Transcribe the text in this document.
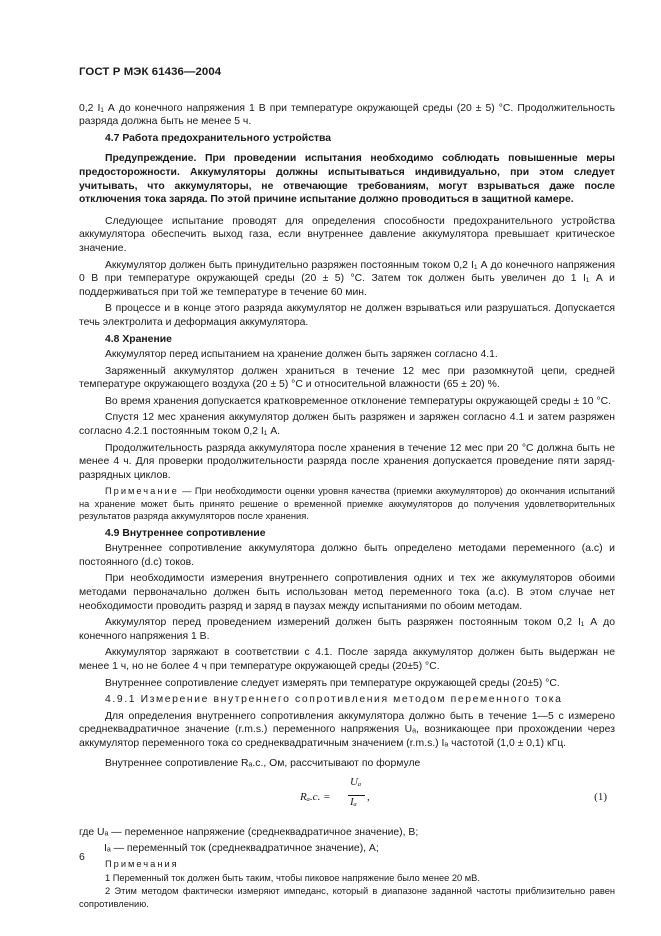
ГОСТ Р МЭК 61436—2004

0,2 I₁ А до конечного напряжения 1 В при температуре окружающей среды (20 ± 5) °С. Продолжительность разряда должна быть не менее 5 ч.

4.7 Работа предохранительного устройства

Предупреждение. При проведении испытания необходимо соблюдать повышенные меры предосторожности. Аккумуляторы должны испытываться индивидуально, при этом следует учитывать, что аккумуляторы, не отвечающие требованиям, могут взрываться даже после отключения тока заряда. По этой причине испытание должно проводиться в защитной камере.

Следующее испытание проводят для определения способности предохранительного устройства аккумулятора обеспечить выход газа, если внутреннее давление аккумулятора превышает критическое значение.

Аккумулятор должен быть принудительно разряжен постоянным током 0,2 I₁ А до конечного напряжения 0 В при температуре окружающей среды (20 ± 5) °С. Затем ток должен быть увеличен до 1 I₁ А и поддерживаться при той же температуре в течение 60 мин.

В процессе и в конце этого разряда аккумулятор не должен взрываться или разрушаться. Допускается течь электролита и деформация аккумулятора.

4.8 Хранение

Аккумулятор перед испытанием на хранение должен быть заряжен согласно 4.1.

Заряженный аккумулятор должен храниться в течение 12 мес при разомкнутой цепи, средней температуре окружающего воздуха (20 ± 5) °С и относительной влажности (65 ± 20) %.

Во время хранения допускается кратковременное отклонение температуры окружающей среды ± 10 °С.

Спустя 12 мес хранения аккумулятор должен быть разряжен и заряжен согласно 4.1 и затем разряжен согласно 4.2.1 постоянным током 0,2 I₁ А.

Продолжительность разряда аккумулятора после хранения в течение 12 мес при 20 °С должна быть не менее 4 ч. Для проверки продолжительности разряда после хранения допускается проведение пяти заряд-разрядных циклов.

Примечание — При необходимости оценки уровня качества (приемки аккумуляторов) до окончания испытаний на хранение может быть принято решение о временной приемке аккумуляторов до получения удовлетворительных результатов разряда аккумуляторов после хранения.

4.9 Внутреннее сопротивление

Внутреннее сопротивление аккумулятора должно быть определено методами переменного (а.с) и постоянного (d.c) токов.

При необходимости измерения внутреннего сопротивления одних и тех же аккумуляторов обоими методами первоначально должен быть использован метод переменного тока (а.с). В этом случае нет необходимости проводить разряд и заряд в паузах между испытаниями по обоим методам.

Аккумулятор перед проведением измерений должен быть разряжен постоянным током 0,2 I₁ А до конечного напряжения 1 В.

Аккумулятор заряжают в соответствии с 4.1. После заряда аккумулятор должен быть выдержан не менее 1 ч, но не более 4 ч при температуре окружающей среды (20±5) °С.

Внутреннее сопротивление следует измерять при температуре окружающей среды (20±5) °С.

4.9.1 Измерение внутреннего сопротивления методом переменного тока

Для определения внутреннего сопротивления аккумулятора должно быть в течение 1—5 с измерено среднеквадратичное значение (r.m.s.) переменного напряжения Uₐ, возникающее при прохождении через аккумулятор переменного тока со среднеквадратичным значением (r.m.s.) Iₐ частотой (1,0 ± 0,1) кГц.

Внутреннее сопротивление Rₐ.с., Ом, рассчитывают по формуле

Rₐ.с. =
Uₐ
Iₐ ,	(1)

где Uₐ — переменное напряжение (среднеквадратичное значение), В;

Iₐ — переменный ток (среднеквадратичное значение), А;

Примечания

1 Переменный ток должен быть таким, чтобы пиковое напряжение было менее 20 мВ.

2 Этим методом фактически измеряют импеданс, который в диапазоне заданной частоты приблизительно равен сопротивлению.

6
